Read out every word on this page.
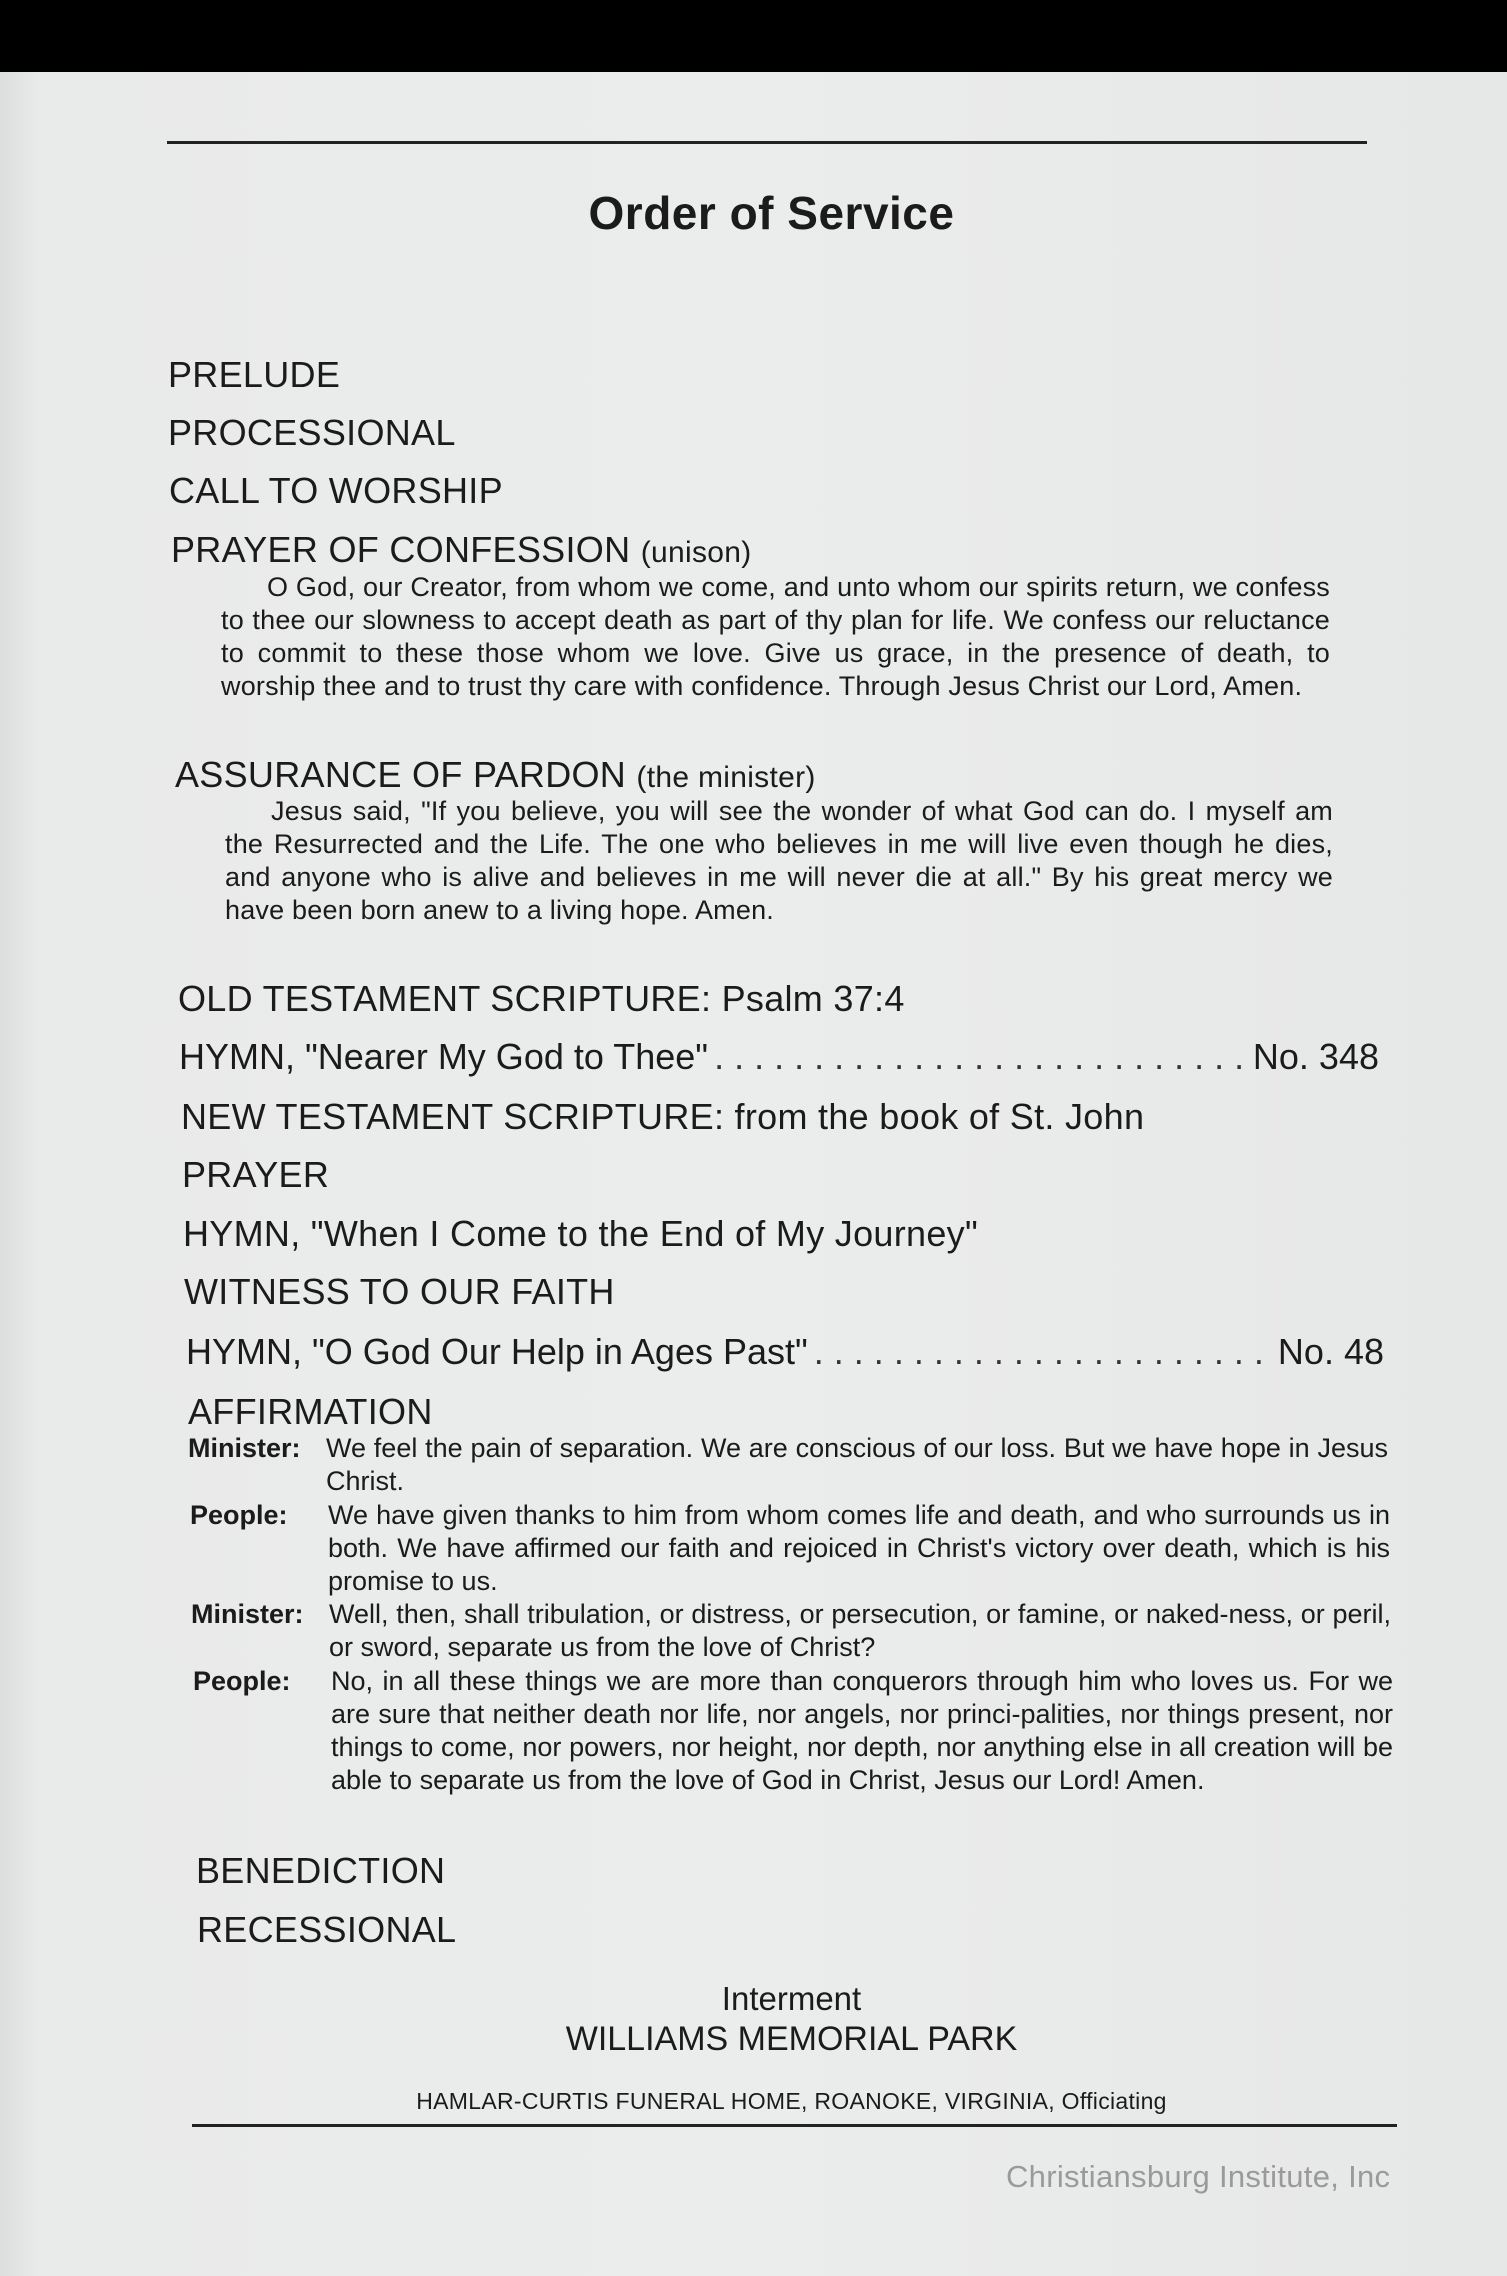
Order of Service
PRELUDE
PROCESSIONAL
CALL TO WORSHIP
PRAYER OF CONFESSION (unison)
O God, our Creator, from whom we come, and unto whom our spirits return, we confess to thee our slowness to accept death as part of thy plan for life. We confess our reluctance to commit to these those whom we love. Give us grace, in the presence of death, to worship thee and to trust thy care with confidence. Through Jesus Christ our Lord, Amen.
ASSURANCE OF PARDON (the minister)
Jesus said, "If you believe, you will see the wonder of what God can do. I myself am the Resurrected and the Life. The one who believes in me will live even though he dies, and anyone who is alive and believes in me will never die at all." By his great mercy we have been born anew to a living hope. Amen.
OLD TESTAMENT SCRIPTURE: Psalm 37:4
HYMN, "Nearer My God to Thee" . . .	No. 348
NEW TESTAMENT SCRIPTURE: from the book of St. John
PRAYER
HYMN, "When I Come to the End of My Journey"
WITNESS TO OUR FAITH
HYMN, "O God Our Help in Ages Past" . . .	No. 48
AFFIRMATION
Minister: We feel the pain of separation. We are conscious of our loss. But we have hope in Jesus Christ.
People:	We have given thanks to him from whom comes life and death, and who surrounds us in both. We have affirmed our faith and rejoiced in Christ's victory over death, which is his promise to us.
Minister: Well, then, shall tribulation, or distress, or persecution, or famine, or naked-ness, or peril, or sword, separate us from the love of Christ?
People:	No, in all these things we are more than conquerors through him who loves us. For we are sure that neither death nor life, nor angels, nor princi-palities, nor things present, nor things to come, nor powers, nor height, nor depth, nor anything else in all creation will be able to separate us from the love of God in Christ, Jesus our Lord! Amen.
BENEDICTION
RECESSIONAL
Interment
WILLIAMS MEMORIAL PARK
HAMLAR-CURTIS FUNERAL HOME, ROANOKE, VIRGINIA, Officiating
Christiansburg Institute, Inc
